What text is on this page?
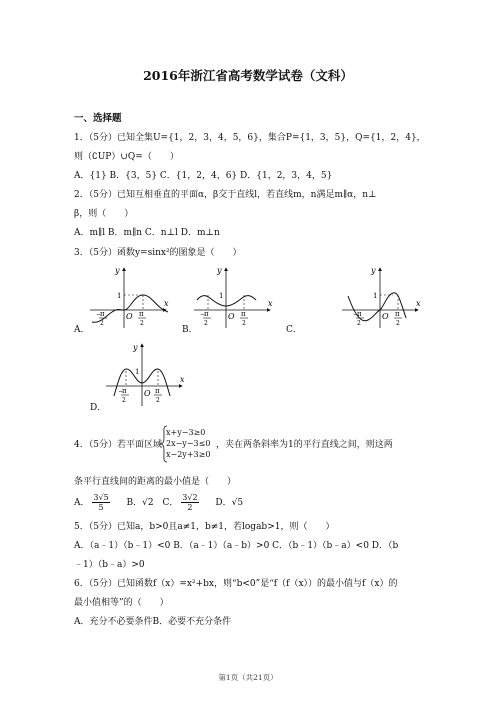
2016年浙江省高考数学试卷（文科）
一、选择题
1．（5分）已知全集U={1，2，3，4，5，6}，集合P={1，3，5}，Q={1，2，4}，
则（∁UP）∪Q=（　　）
A．{1} B．{3，5} C．{1，2，4，6} D．{1，2，3，4，5}
2．（5分）已知互相垂直的平面α，β交于直线l，若直线m，n满足m∥α，n⊥
β，则（　　）
A．m∥l B．m∥n C．n⊥l D．m⊥n
3．（5分）函数y=sinx²的图象是（　　）
A．	B．	C．
D．
y
x
O
1
−
π
2
π
2
y
x
O
1
−
π
2
π
2
y
x
O
1
−
π
2
π
2
y
x
O
1
−
π
2
π
2
4．（5分）若平面区域
x+y−3≥0
2x−y−3≤0
x−2y+3≥0
，夹在两条斜率为1的平行直线之间，则这两
条平行直线间的距离的最小值是（　　）
A． $\frac{3√5}{5}$ B．√2 C． $\frac{3√2}{2}$ D．√5
5．（5分）已知a，b>0且a≠1，b≠1，若logab>1，则（　　）
A．（a﹣1）（b﹣1）<0 B．（a﹣1）（a﹣b）>0 C．（b﹣1）（b﹣a）<0 D．（b
﹣1）（b﹣a）>0
6．（5分）已知函数f（x）=x²+bx，则“b<0”是“f（f（x））的最小值与f（x）的
最小值相等”的（　　）
A．充分不必要条件B．必要不充分条件
第1页（共21页）
